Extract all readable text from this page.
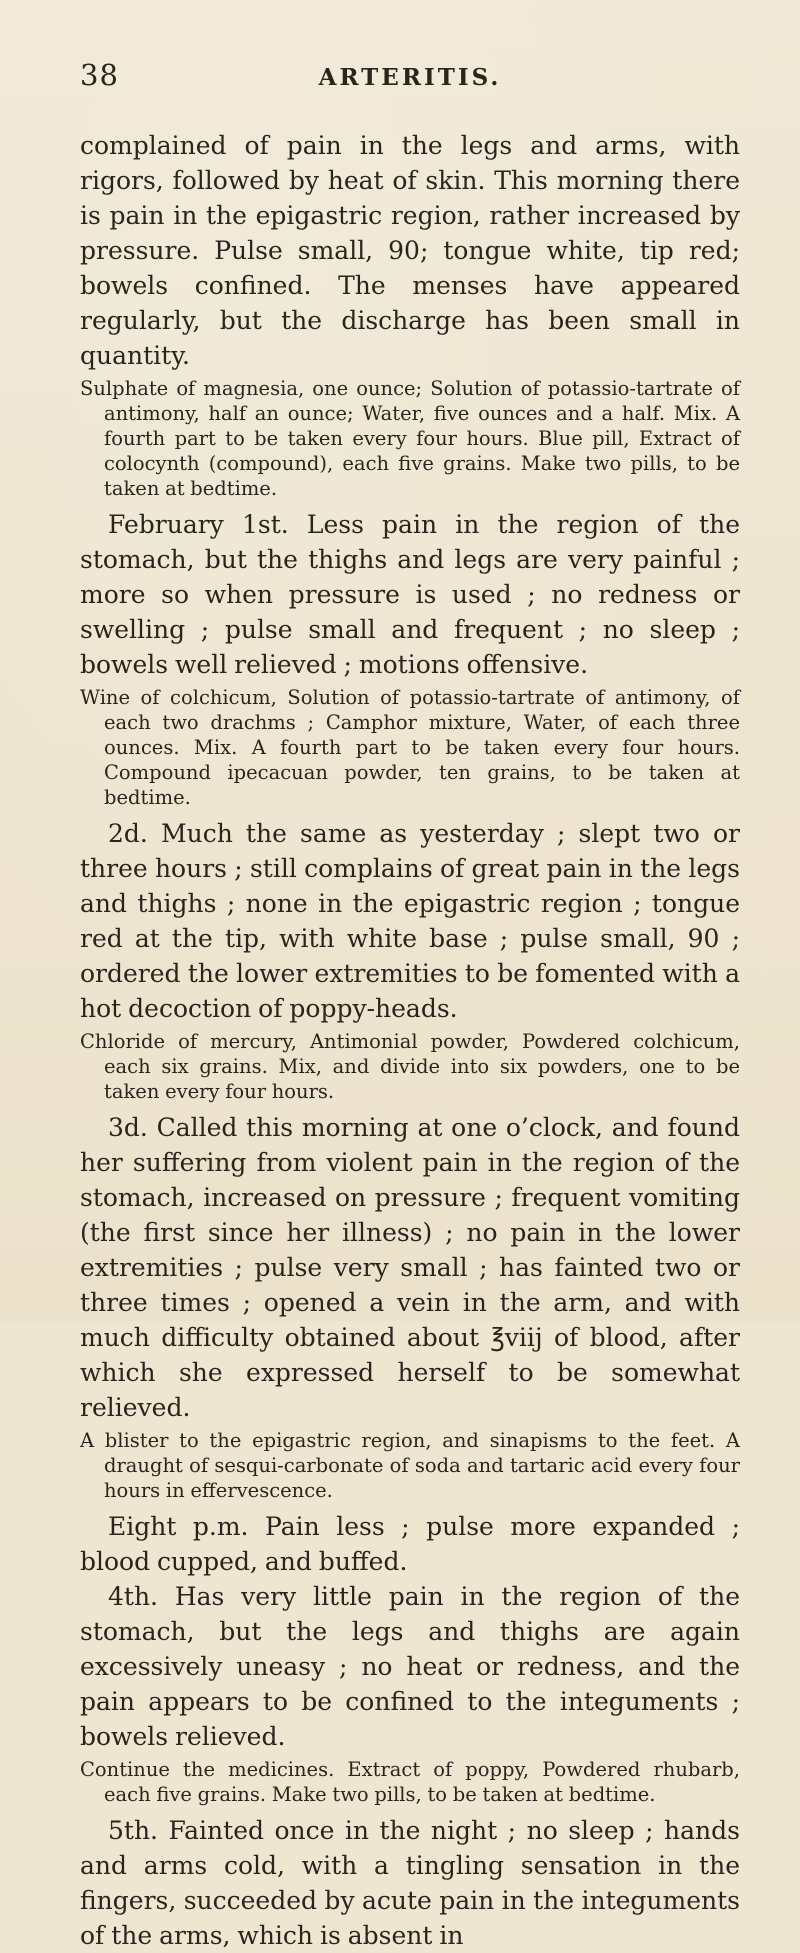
38	ARTERITIS.

complained of pain in the legs and arms, with rigors, followed by heat of skin. This morning there is pain in the epigastric region, rather increased by pressure. Pulse small, 90; tongue white, tip red; bowels confined. The menses have appeared regularly, but the discharge has been small in quantity.

Sulphate of magnesia, one ounce; Solution of potassio-tartrate of antimony, half an ounce; Water, five ounces and a half. Mix. A fourth part to be taken every four hours. Blue pill, Extract of colocynth (compound), each five grains. Make two pills, to be taken at bedtime.

February 1st. Less pain in the region of the stomach, but the thighs and legs are very painful ; more so when pressure is used ; no redness or swelling ; pulse small and frequent ; no sleep ; bowels well relieved ; motions offensive.

Wine of colchicum, Solution of potassio-tartrate of antimony, of each two drachms ; Camphor mixture, Water, of each three ounces. Mix. A fourth part to be taken every four hours. Compound ipecacuan powder, ten grains, to be taken at bedtime.

2d. Much the same as yesterday ; slept two or three hours ; still complains of great pain in the legs and thighs ; none in the epigastric region ; tongue red at the tip, with white base ; pulse small, 90 ; ordered the lower extremities to be fomented with a hot decoction of poppy-heads.

Chloride of mercury, Antimonial powder, Powdered colchicum, each six grains. Mix, and divide into six powders, one to be taken every four hours.

3d. Called this morning at one o’clock, and found her suffering from violent pain in the region of the stomach, increased on pressure ; frequent vomiting (the first since her illness) ; no pain in the lower extremities ; pulse very small ; has fainted two or three times ; opened a vein in the arm, and with much difficulty obtained about ℥viij of blood, after which she expressed herself to be somewhat relieved.

A blister to the epigastric region, and sinapisms to the feet. A draught of sesqui-carbonate of soda and tartaric acid every four hours in effervescence.

Eight p.m. Pain less ; pulse more expanded ; blood cupped, and buffed.

4th. Has very little pain in the region of the stomach, but the legs and thighs are again excessively uneasy ; no heat or redness, and the pain appears to be confined to the integuments ; bowels relieved.

Continue the medicines. Extract of poppy, Powdered rhubarb, each five grains. Make two pills, to be taken at bedtime.

5th. Fainted once in the night ; no sleep ; hands and arms cold, with a tingling sensation in the fingers, succeeded by acute pain in the integuments of the arms, which is absent in
